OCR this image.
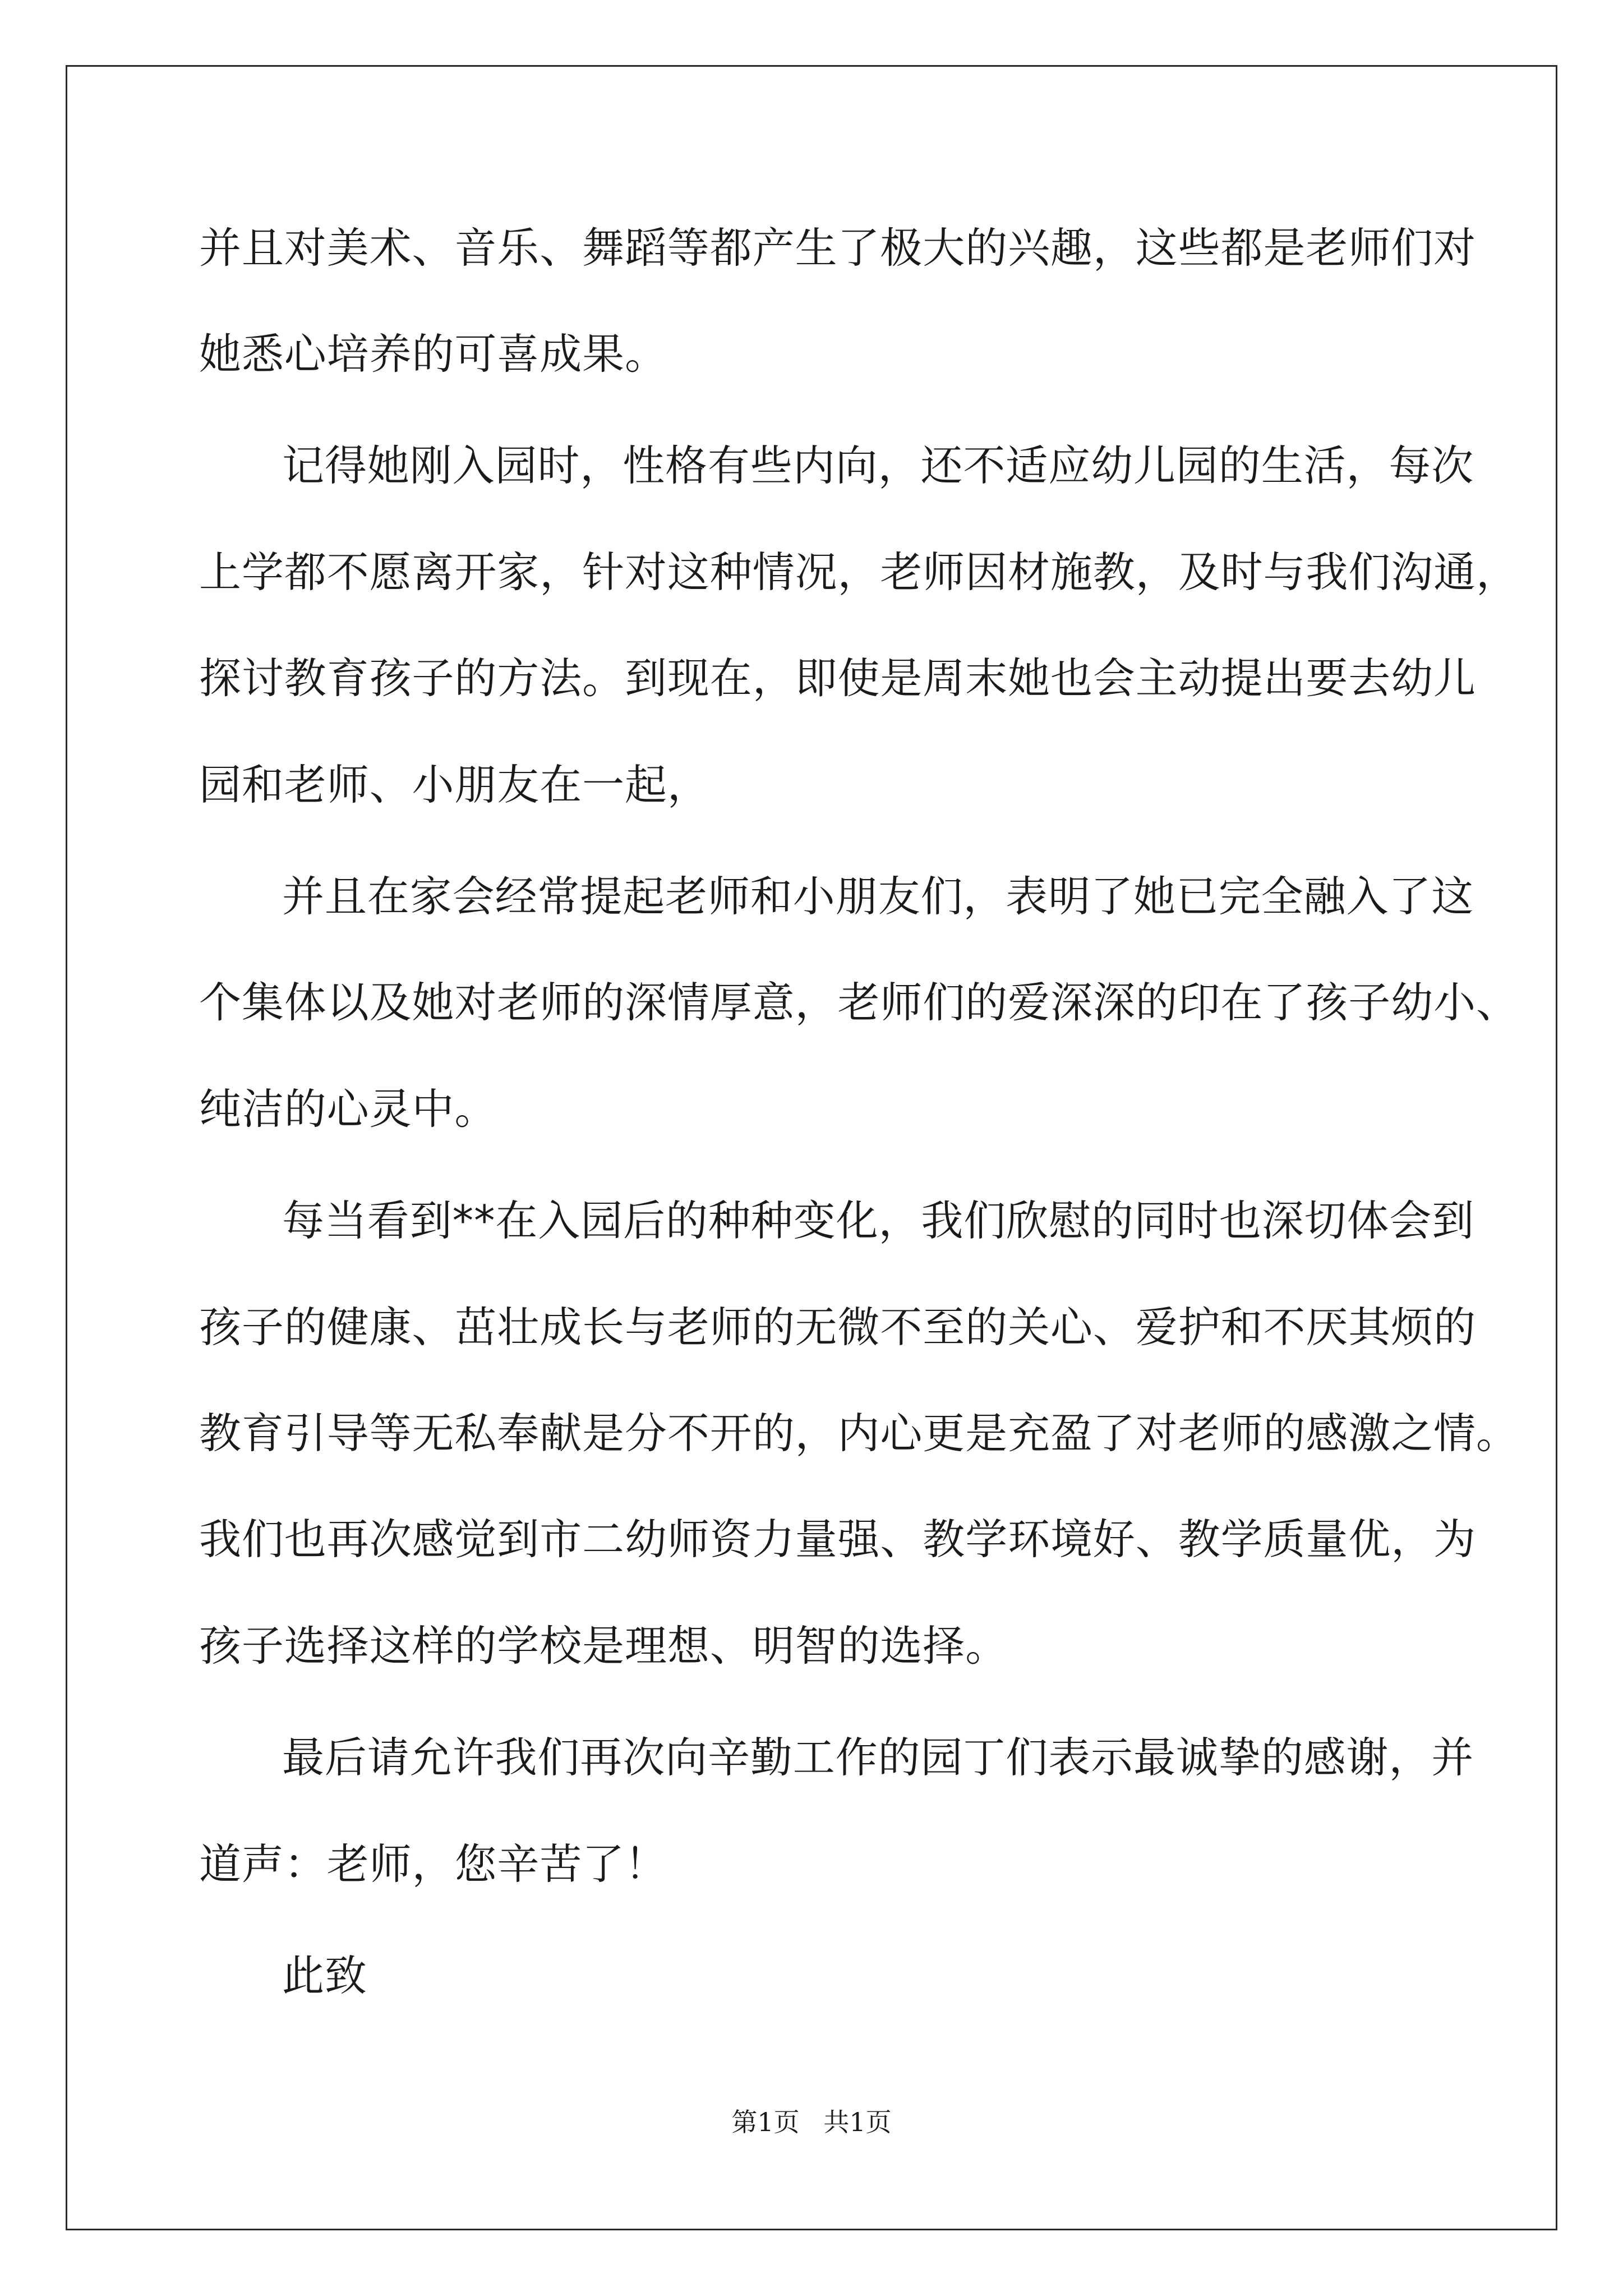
并且对美术、音乐、舞蹈等都产生了极大的兴趣，这些都是老师们对
她悉心培养的可喜成果。
记得她刚入园时，性格有些内向，还不适应幼儿园的生活，每次
上学都不愿离开家，针对这种情况，老师因材施教，及时与我们沟通，
探讨教育孩子的方法。到现在，即使是周末她也会主动提出要去幼儿
园和老师、小朋友在一起，
并且在家会经常提起老师和小朋友们，表明了她已完全融入了这
个集体以及她对老师的深情厚意，老师们的爱深深的印在了孩子幼小、
纯洁的心灵中。
每当看到**在入园后的种种变化，我们欣慰的同时也深切体会到
孩子的健康、茁壮成长与老师的无微不至的关心、爱护和不厌其烦的
教育引导等无私奉献是分不开的，内心更是充盈了对老师的感激之情。
我们也再次感觉到市二幼师资力量强、教学环境好、教学质量优，为
孩子选择这样的学校是理想、明智的选择。
最后请允许我们再次向辛勤工作的园丁们表示最诚挚的感谢，并
道声：老师，您辛苦了！
此致
第1页 共1页
